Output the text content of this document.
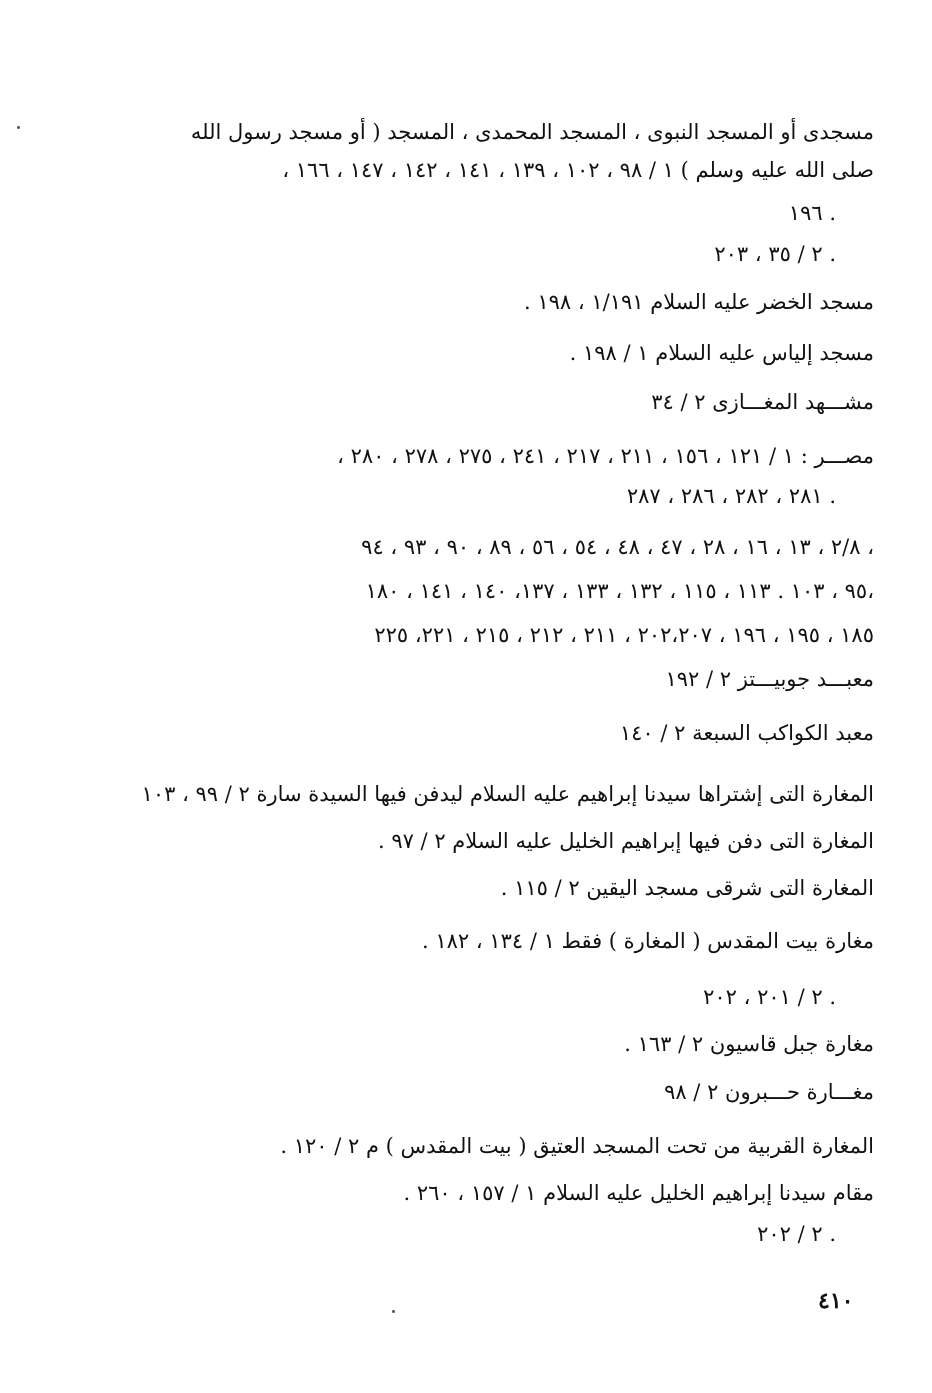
مسجدى أو المسجد النبوى ، المسجد المحمدى ، المسجد ( أو مسجد رسول الله
صلى الله عليه وسلم ) ١ / ٩٨ ، ١٠٢ ، ١٣٩ ، ١٤١ ، ١٤٢ ، ١٤٧ ، ١٦٦ ،
١٩٦ .
٢ / ٣٥ ، ٢٠٣ .
مسجد الخضر عليه السلام ١/١٩١ ، ١٩٨ .
مسجد إلياس عليه السلام ١ / ١٩٨ .
مشـــهد المغـــازى ٢ / ٣٤
مصـــر : ١ / ١٢١ ، ١٥٦ ، ٢١١ ، ٢١٧ ، ٢٤١ ، ٢٧٥ ، ٢٧٨ ، ٢٨٠ ،
٢٨١ ، ٢٨٢ ، ٢٨٦ ، ٢٨٧ .
٢/٨ ، ١٣ ، ١٦ ، ٢٨ ، ٤٧ ، ٤٨ ، ٥٤ ، ٥٦ ، ٨٩ ، ٩٠ ، ٩٣ ، ٩٤ ،
٩٥ ، ١٠٣ . ١١٣ ، ١١٥ ، ١٣٢ ، ١٣٣ ، ١٣٧، ١٤٠ ، ١٤١ ، ١٨٠،
١٨٥ ، ١٩٥ ، ١٩٦ ، ٢٠٢،٢٠٧ ، ٢١١ ، ٢١٢ ، ٢١٥ ، ٢٢١، ٢٢٥
معبـــد جوبيـــتز ٢ / ١٩٢
معبد الكواكب السبعة ٢ / ١٤٠
المغارة التى إشتراها سيدنا إبراهيم عليه السلام ليدفن فيها السيدة سارة ٢ / ٩٩ ، ١٠٣
المغارة التى دفن فيها إبراهيم الخليل عليه السلام ٢ / ٩٧ .
المغارة التى شرقى مسجد اليقين ٢ / ١١٥ .
مغارة بيت المقدس ( المغارة ) فقط ١ / ١٣٤ ، ١٨٢ .
٢ / ٢٠١ ، ٢٠٢ .
مغارة جبل قاسيون ٢ / ١٦٣ .
مغـــارة حـــبرون ٢ / ٩٨
المغارة القربية من تحت المسجد العتيق ( بيت المقدس ) م ٢ / ١٢٠ .
مقام سيدنا إبراهيم الخليل عليه السلام ١ / ١٥٧ ، ٢٦٠ .
٢ / ٢٠٢ .
٤١٠
